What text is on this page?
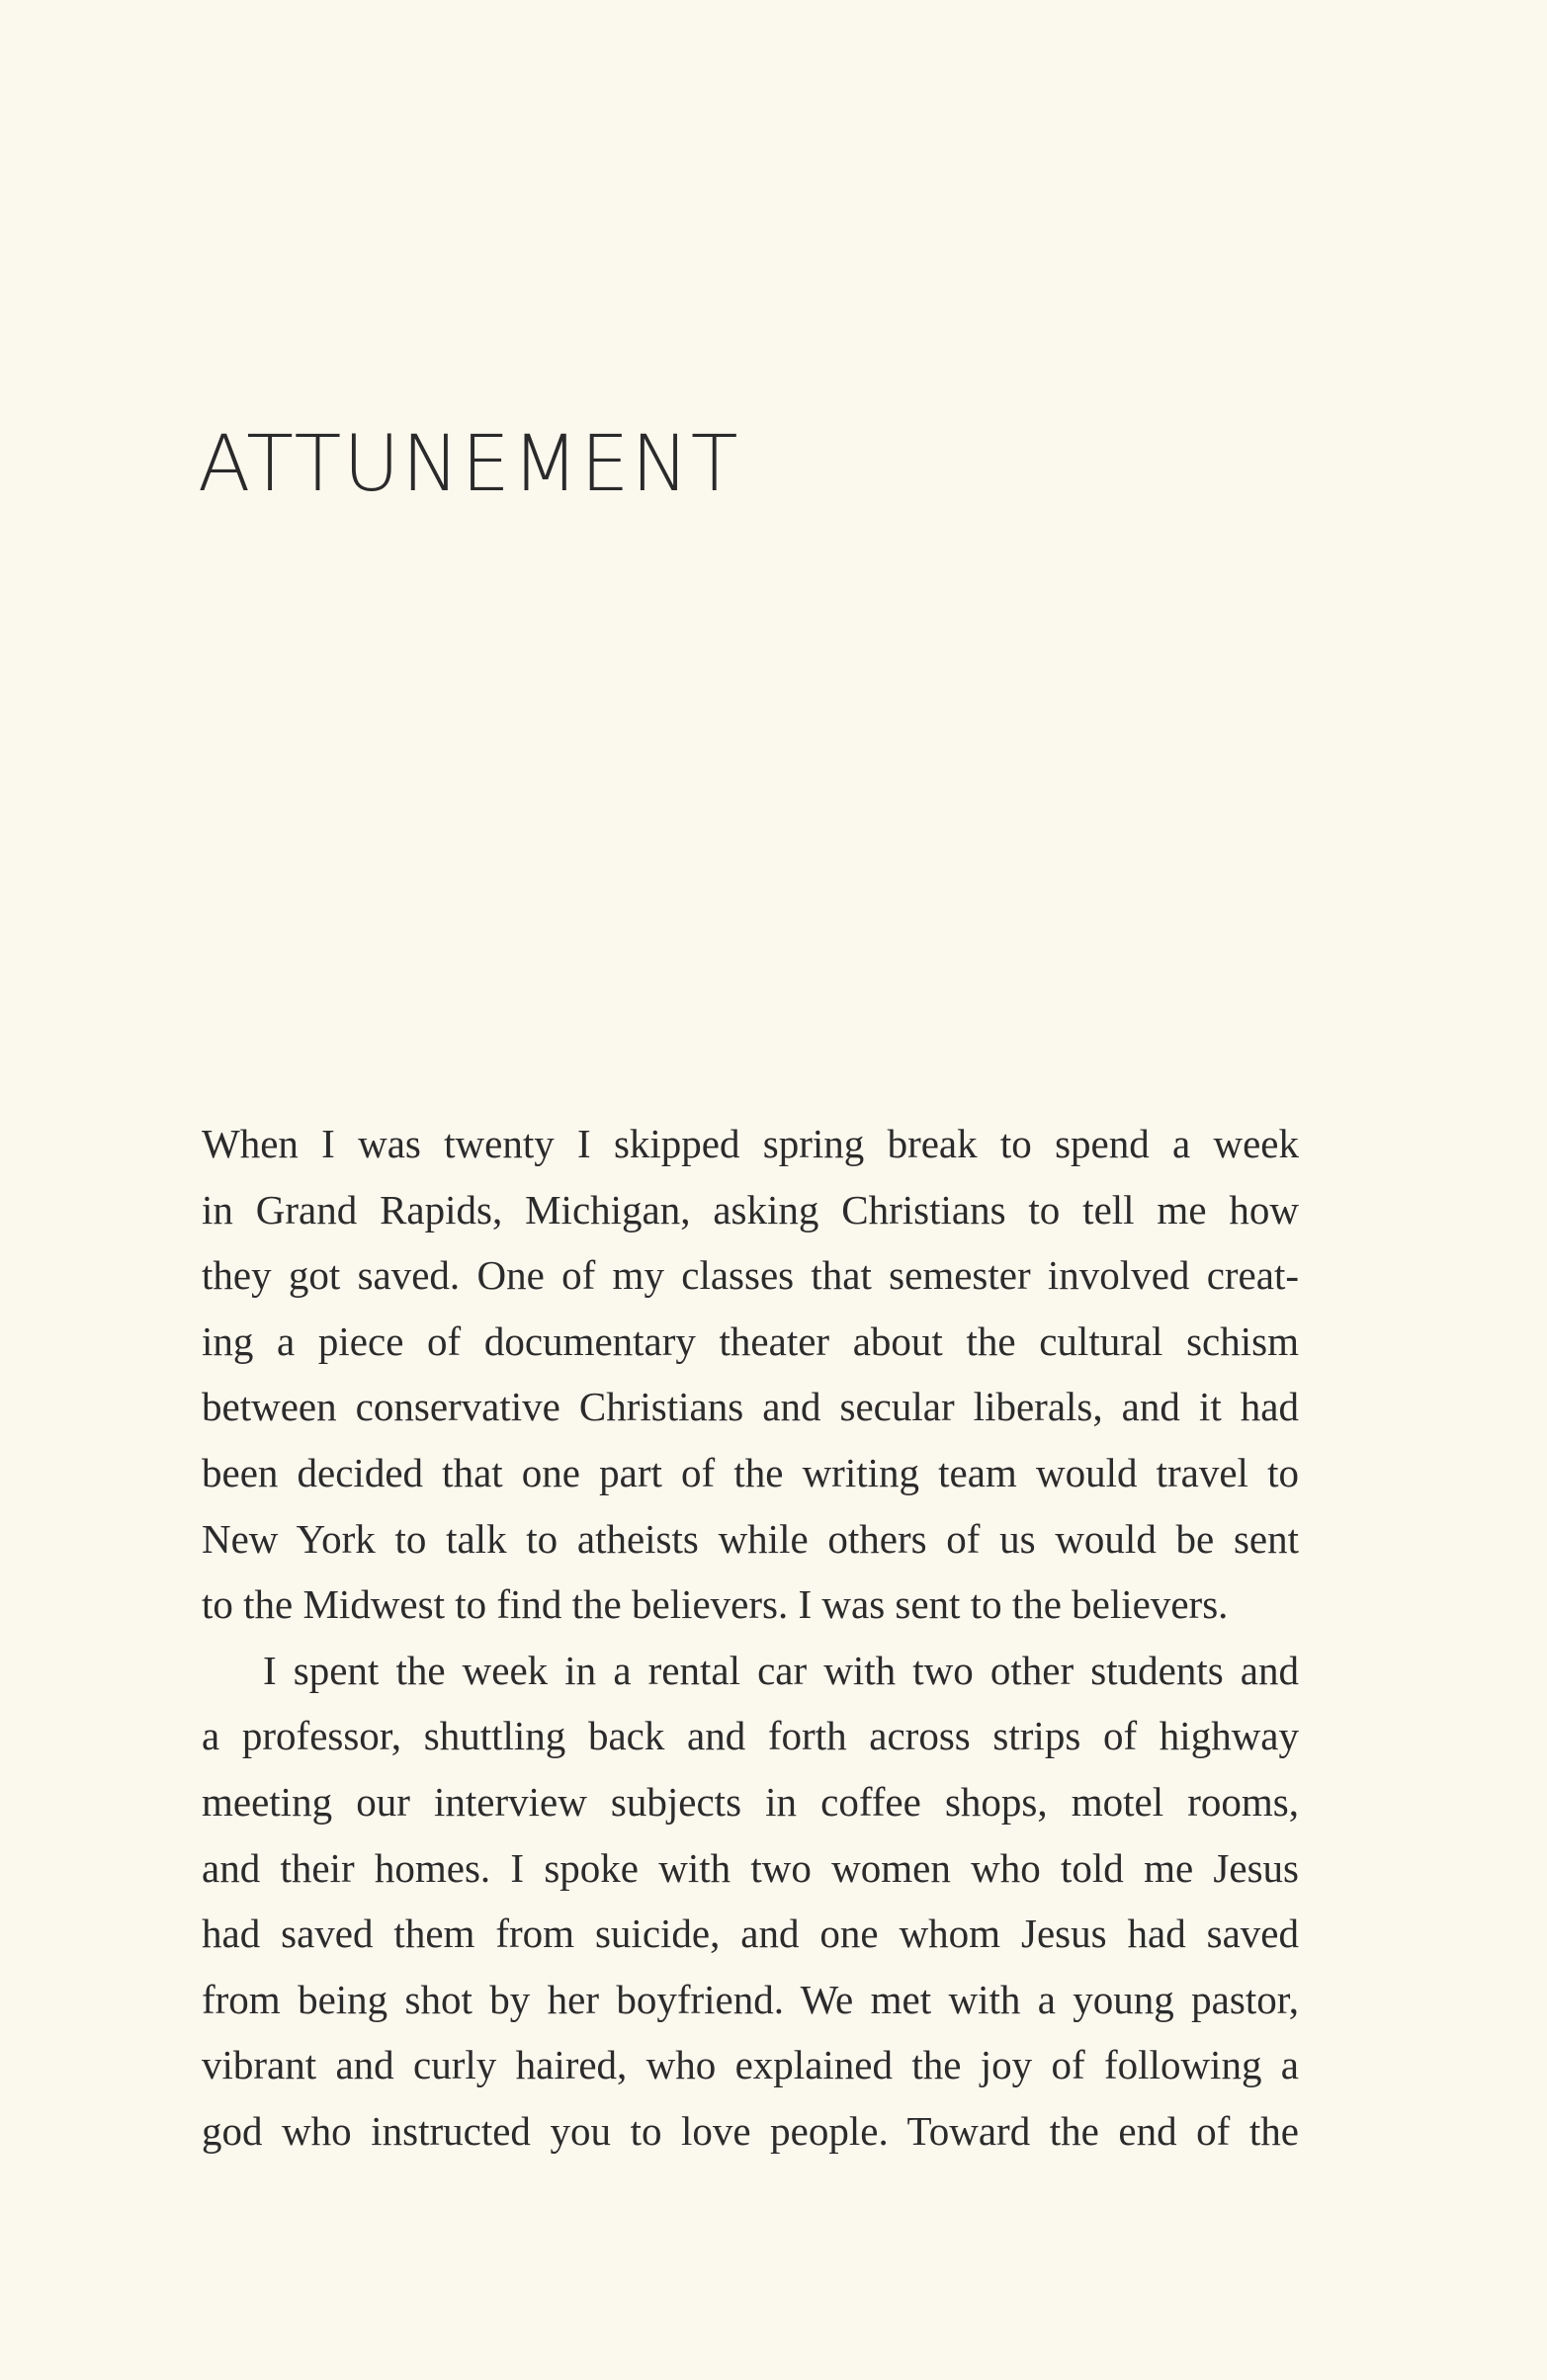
ATTUNEMENT
When I was twenty I skipped spring break to spend a week
in Grand Rapids, Michigan, asking Christians to tell me how
they got saved. One of my classes that semester involved creat-
ing a piece of documentary theater about the cultural schism
between conservative Christians and secular liberals, and it had
been decided that one part of the writing team would travel to
New York to talk to atheists while others of us would be sent
to the Midwest to find the believers. I was sent to the believers.
I spent the week in a rental car with two other students and
a professor, shuttling back and forth across strips of highway
meeting our interview subjects in coffee shops, motel rooms,
and their homes. I spoke with two women who told me Jesus
had saved them from suicide, and one whom Jesus had saved
from being shot by her boyfriend. We met with a young pastor,
vibrant and curly haired, who explained the joy of following a
god who instructed you to love people. Toward the end of the
